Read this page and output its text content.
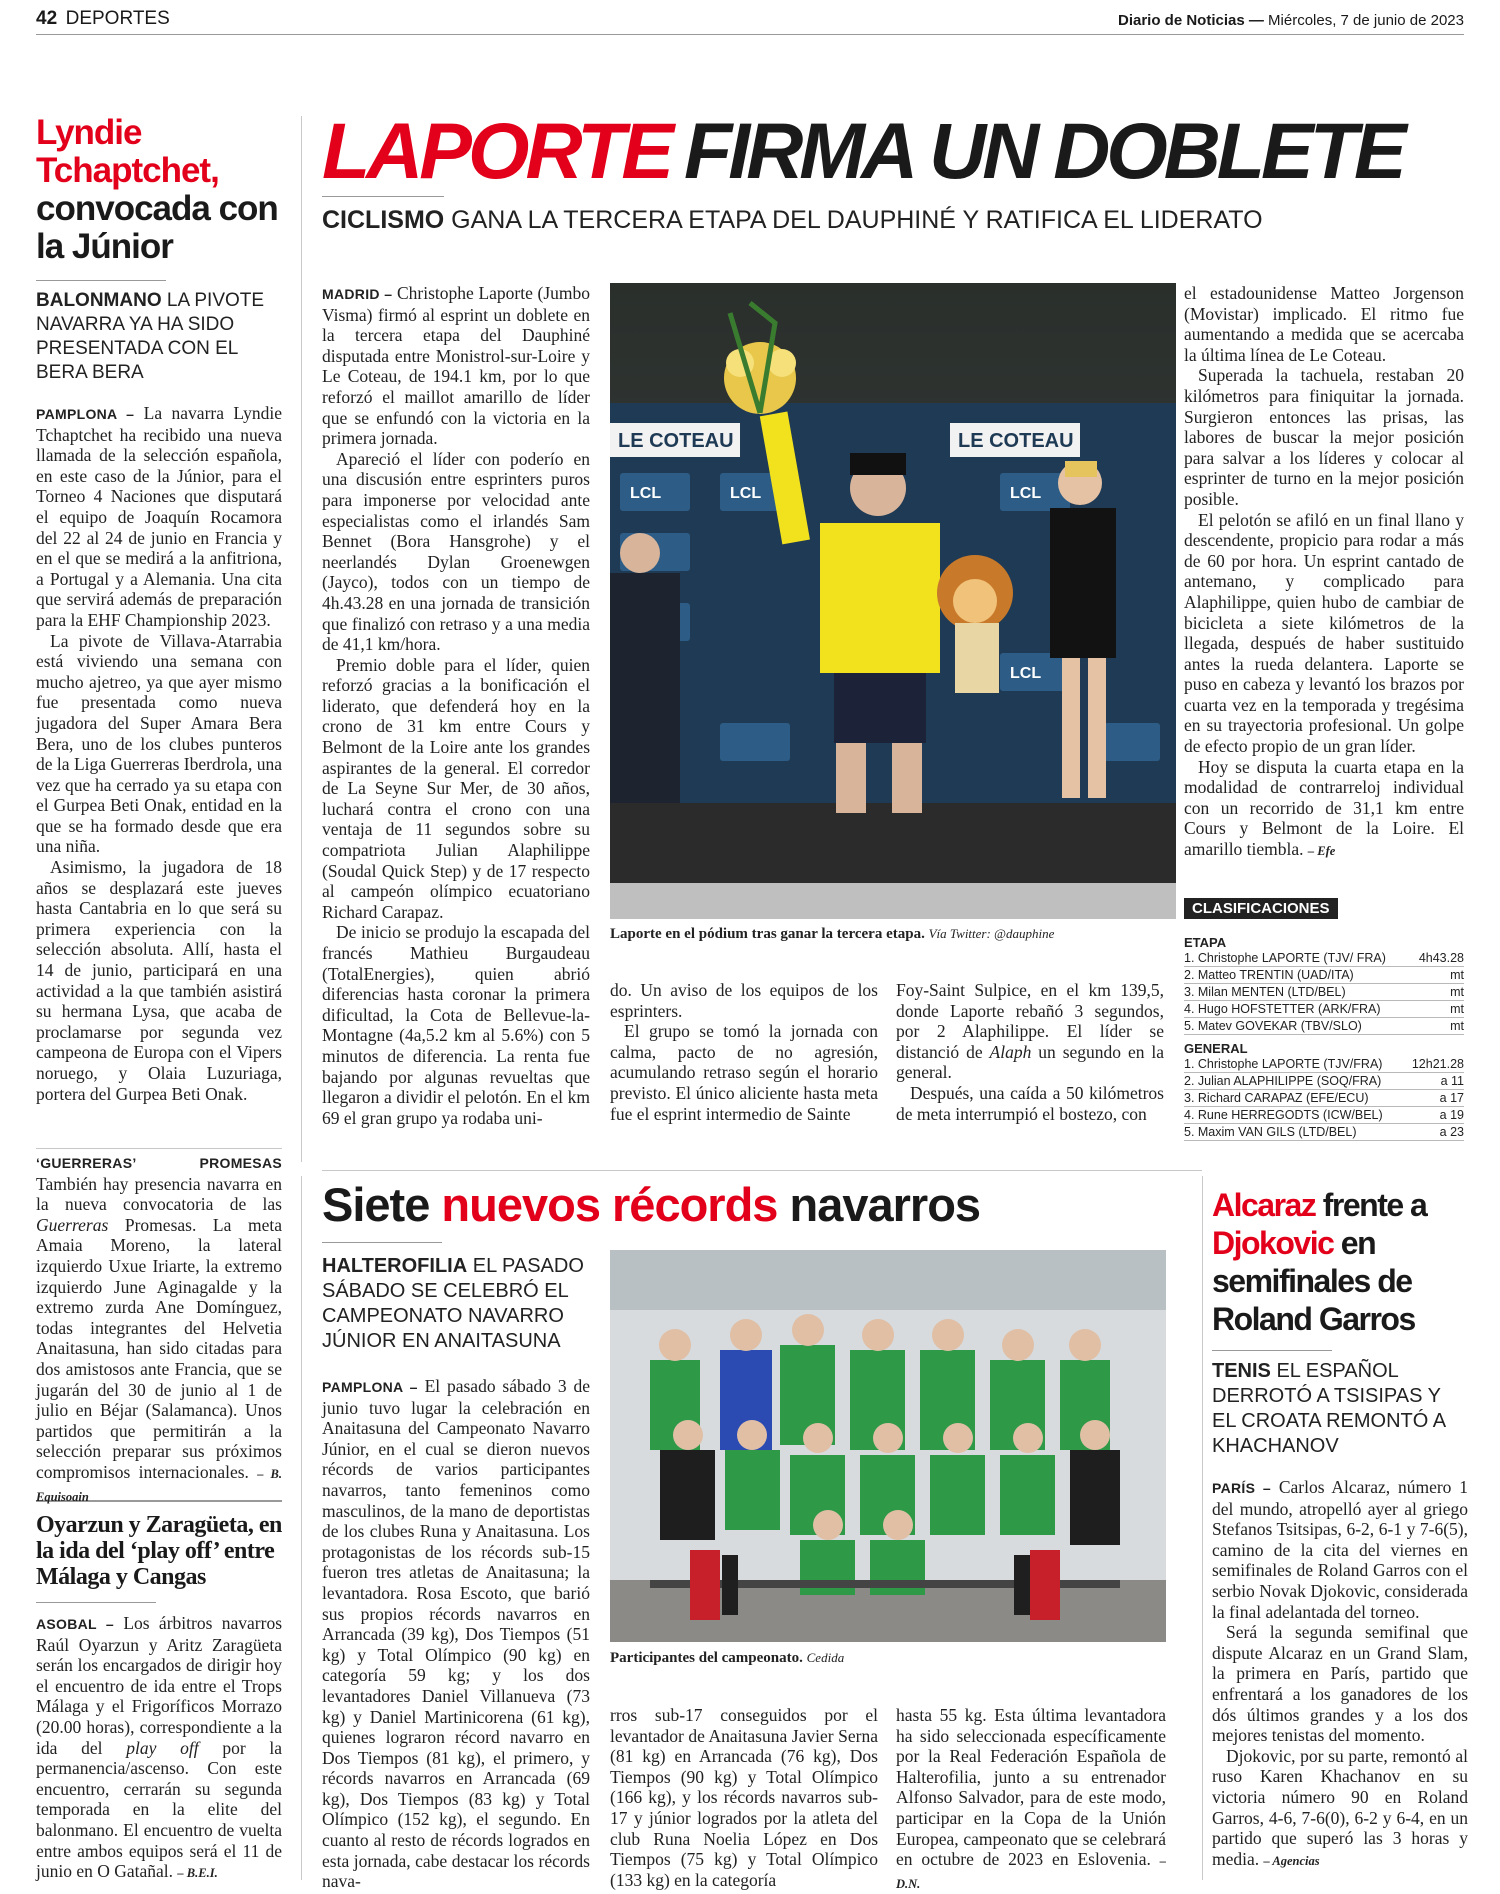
42 DEPORTES	Diario de Noticias — Miércoles, 7 de junio de 2023
Lyndie Tchaptchet, convocada con la Júnior
BALONMANO LA PIVOTE NAVARRA YA HA SIDO PRESENTADA CON EL BERA BERA

PAMPLONA – La navarra Lyndie Tchaptchet ha recibido una nueva llamada de la selección española, en este caso de la Júnior, para el Torneo 4 Naciones que disputará el equipo de Joaquín Rocamora del 22 al 24 de junio en Francia y en el que se medirá a la anfitriona, a Portugal y a Alemania. Una cita que servirá además de preparación para la EHF Championship 2023.

La pivote de Villava-Atarrabia está viviendo una semana con mucho ajetreo, ya que ayer mismo fue presentada como nueva jugadora del Super Amara Bera Bera, uno de los clubes punteros de la Liga Guerreras Iberdrola, una vez que ha cerrado ya su etapa con el Gurpea Beti Onak, entidad en la que se ha formado desde que era una niña.

Asimismo, la jugadora de 18 años se desplazará este jueves hasta Cantabria en lo que será su primera experiencia con la selección absoluta. Allí, hasta el 14 de junio, participará en una actividad a la que también asistirá su hermana Lysa, que acaba de proclamarse por segunda vez campeona de Europa con el Vipers noruego, y Olaia Luzuriaga, portera del Gurpea Beti Onak.

‘GUERRERAS’ PROMESAS También hay presencia navarra en la nueva convocatoria de las Guerreras Promesas. La meta Amaia Moreno, la lateral izquierdo Uxue Iriarte, la extremo izquierdo June Aginagalde y la extremo zurda Ane Domínguez, todas integrantes del Helvetia Anaitasuna, han sido citadas para dos amistosos ante Francia, que se jugarán del 30 de junio al 1 de julio en Béjar (Salamanca). Unos partidos que permitirán a la selección preparar sus próximos compromisos internacionales. – B. Equisoain

Oyarzun y Zaragüeta, en la ida del ‘play off’ entre Málaga y Cangas

ASOBAL – Los árbitros navarros Raúl Oyarzun y Aritz Zaragüeta serán los encargados de dirigir hoy el encuentro de ida entre el Trops Málaga y el Frigoríficos Morrazo (20.00 horas), correspondiente a la ida del play off por la permanencia/ascenso. Con este encuentro, cerrarán su segunda temporada en la elite del balonmano. El encuentro de vuelta entre ambos equipos será el 11 de junio en O Gatañal. – B.E.I.

LAPORTE FIRMA UN DOBLETE
CICLISMO GANA LA TERCERA ETAPA DEL DAUPHINÉ Y RATIFICA EL LIDERATO

MADRID – Christophe Laporte (Jumbo Visma) firmó al esprint un doblete en la tercera etapa del Dauphiné disputada entre Monistrol-sur-Loire y Le Coteau, de 194.1 km, por lo que reforzó el maillot amarillo de líder que se enfundó con la victoria en la primera jornada.

Apareció el líder con poderío en una discusión entre esprinters puros para imponerse por velocidad ante especialistas como el irlandés Sam Bennet (Bora Hansgrohe) y el neerlandés Dylan Groenewgen (Jayco), todos con un tiempo de 4h.43.28 en una jornada de transición que finalizó con retraso y a una media de 41,1 km/hora.

Premio doble para el líder, quien reforzó gracias a la bonificación el liderato, que defenderá hoy en la crono de 31 km entre Cours y Belmont de la Loire ante los grandes aspirantes de la general. El corredor de La Seyne Sur Mer, de 30 años, luchará contra el crono con una ventaja de 11 segundos sobre su compatriota Julian Alaphilippe (Soudal Quick Step) y de 17 respecto al campeón olímpico ecuatoriano Richard Carapaz.

De inicio se produjo la escapada del francés Mathieu Burgaudeau (TotalEnergies), quien abrió diferencias hasta coronar la primera dificultad, la Cota de Bellevue-la-Montagne (4a,5.2 km al 5.6%) con 5 minutos de diferencia. La renta fue bajando por algunas revueltas que llegaron a dividir el pelotón. En el km 69 el gran grupo ya rodaba uni-

LCL	LCL	LCL
LCL
LE COTEAU	LE COTEAU
Laporte en el pódium tras ganar la tercera etapa. Vía Twitter: @dauphine

do. Un aviso de los equipos de los esprinters.

El grupo se tomó la jornada con calma, pacto de no agresión, acumulando retraso según el horario previsto. El único aliciente hasta meta fue el esprint intermedio de Sainte

Foy-Saint Sulpice, en el km 139,5, donde Laporte rebañó 3 segundos, por 2 Alaphilippe. El líder se distanció de Alaph un segundo en la general.

Después, una caída a 50 kilómetros de meta interrumpió el bostezo, con

el estadounidense Matteo Jorgenson (Movistar) implicado. El ritmo fue aumentando a medida que se acercaba la última línea de Le Coteau.

Superada la tachuela, restaban 20 kilómetros para finiquitar la jornada. Surgieron entonces las prisas, las labores de buscar la mejor posición para salvar a los líderes y colocar al esprinter de turno en la mejor posición posible.

El pelotón se afiló en un final llano y descendente, propicio para rodar a más de 60 por hora. Un esprint cantado de antemano, y complicado para Alaphilippe, quien hubo de cambiar de bicicleta a siete kilómetros de la llegada, después de haber sustituido antes la rueda delantera. Laporte se puso en cabeza y levantó los brazos por cuarta vez en la temporada y tregésima en su trayectoria profesional. Un golpe de efecto propio de un gran líder.

Hoy se disputa la cuarta etapa en la modalidad de contrarreloj individual con un recorrido de 31,1 km entre Cours y Belmont de la Loire. El amarillo tiembla. – Efe

CLASIFICACIONES
ETAPA
1. Christophe LAPORTE (TJV/ FRA)	4h43.28
2. Matteo TRENTIN (UAD/ITA)	mt
3. Milan MENTEN (LTD/BEL)	mt
4. Hugo HOFSTETTER (ARK/FRA)	mt
5. Matev GOVEKAR (TBV/SLO)	mt
GENERAL
1. Christophe LAPORTE (TJV/FRA) 12h21.28
2. Julian ALAPHILIPPE (SOQ/FRA)	a 11
3. Richard CARAPAZ (EFE/ECU)	a 17
4. Rune HERREGODTS (ICW/BEL)	a 19
5. Maxim VAN GILS (LTD/BEL)	a 23
Siete nuevos récords navarros
HALTEROFILIA EL PASADO SÁBADO SE CELEBRÓ EL CAMPEONATO NAVARRO JÚNIOR EN ANAITASUNA

PAMPLONA – El pasado sábado 3 de junio tuvo lugar la celebración en Anaitasuna del Campeonato Navarro Júnior, en el cual se dieron nuevos récords de varios participantes navarros, tanto femeninos como masculinos, de la mano de deportistas de los clubes Runa y Anaitasuna. Los protagonistas de los récords sub-15 fueron tres atletas de Anaitasuna; la levantadora. Rosa Escoto, que barió sus propios récords navarros en Arrancada (39 kg), Dos Tiempos (51 kg) y Total Olímpico (90 kg) en categoría 59 kg; y los dos levantadores Daniel Villanueva (73 kg) y Daniel Martinicorena (61 kg), quienes lograron récord navarro en Dos Tiempos (81 kg), el primero, y récords navarros en Arrancada (69 kg), Dos Tiempos (83 kg) y Total Olímpico (152 kg), el segundo. En cuanto al resto de récords logrados en esta jornada, cabe destacar los récords nava-

Participantes del campeonato. Cedida

rros sub-17 conseguidos por el levantador de Anaitasuna Javier Serna (81 kg) en Arrancada (76 kg), Dos Tiempos (90 kg) y Total Olímpico (166 kg), y los récords navarros sub-17 y júnior logrados por la atleta del club Runa Noelia López en Dos Tiempos (75 kg) y Total Olímpico (133 kg) en la categoría

hasta 55 kg. Esta última levantadora ha sido seleccionada específicamente por la Real Federación Española de Halterofilia, junto a su entrenador Alfonso Salvador, para de este modo, participar en la Copa de la Unión Europea, campeonato que se celebrará en octubre de 2023 en Eslovenia. – D.N.

Alcaraz frente a Djokovic en semifinales de Roland Garros
TENIS EL ESPAÑOL DERROTÓ A TSISIPAS Y EL CROATA REMONTÓ A KHACHANOV

PARÍS – Carlos Alcaraz, número 1 del mundo, atropelló ayer al griego Stefanos Tsitsipas, 6-2, 6-1 y 7-6(5), camino de la cita del viernes en semifinales de Roland Garros con el serbio Novak Djokovic, considerada la final adelantada del torneo.

Será la segunda semifinal que dispute Alcaraz en un Grand Slam, la primera en París, partido que enfrentará a los ganadores de los dós últimos grandes y a los dos mejores tenistas del momento.

Djokovic, por su parte, remontó al ruso Karen Khachanov en su victoria número 90 en Roland Garros, 4-6, 7-6(0), 6-2 y 6-4, en un partido que superó las 3 horas y media. – Agencias
